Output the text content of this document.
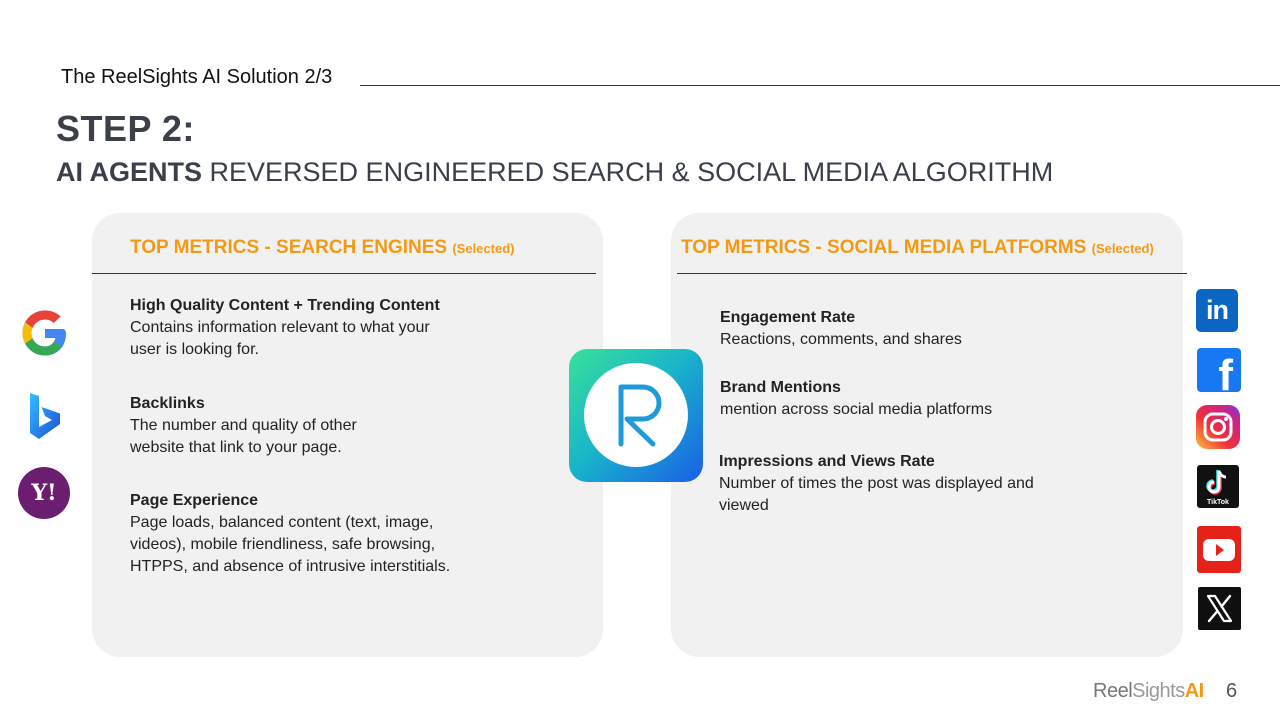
The ReelSights AI Solution 2/3
STEP 2:
AI AGENTS REVERSED ENGINEERED SEARCH & SOCIAL MEDIA ALGORITHM
TOP METRICS - SEARCH ENGINES (Selected)
High Quality Content + Trending Content
Contains information relevant to what your
user is looking for.
Backlinks
The number and quality of other
website that link to your page.
Page Experience
Page loads, balanced content (text, image,
videos), mobile friendliness, safe browsing,
HTPPS, and absence of intrusive interstitials.
TOP METRICS - SOCIAL MEDIA PLATFORMS (Selected)
Engagement Rate
Reactions, comments, and shares
Brand Mentions
mention across social media platforms
Impressions and Views Rate
Number of times the post was displayed and
viewed
Y!
in
f
TikTok
ReelSightsAI 6
